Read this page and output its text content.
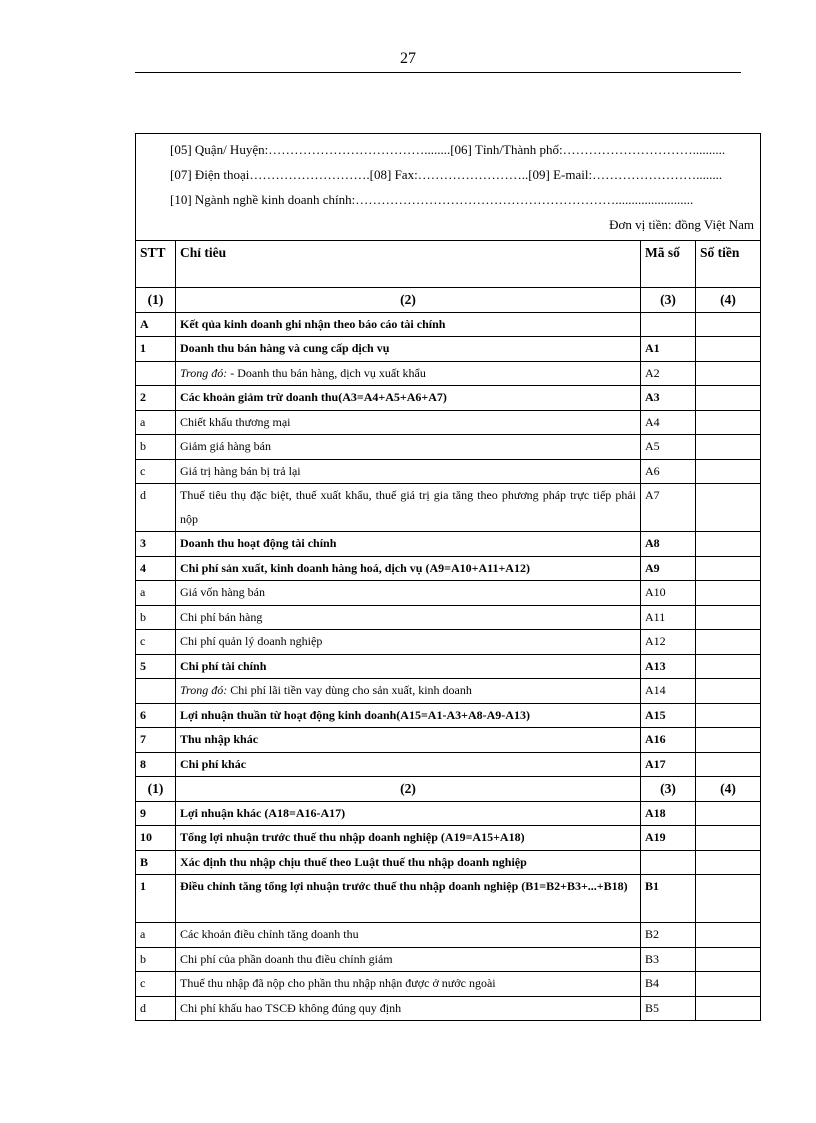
27
[05] Quận/ Huyện:………………………………........[06] Tỉnh/Thành phố:…………………………..........
[07] Điện thoại……………………….[08] Fax:……………………..[09] E-mail:……………………........
[10] Ngành nghề kinh doanh chính:……………………………………………………........................
Đơn vị tiền: đồng Việt Nam			

STT	Chỉ tiêu	Mã số	Số tiền
(1)	(2)	(3)	(4)
A	Kết qủa kinh doanh ghi nhận theo báo cáo tài chính		
1	Doanh thu bán hàng và cung cấp dịch vụ	A1	
	Trong đó: - Doanh thu bán hàng, dịch vụ xuất khẩu	A2	
2	Các khoản giảm trừ doanh thu(A3=A4+A5+A6+A7)	A3	
a	Chiết khấu thương mại	A4	
b	Giảm giá hàng bán	A5	
c	Giá trị hàng bán bị trả lại	A6	
d	Thuế tiêu thụ đặc biệt, thuế xuất khẩu, thuế giá trị gia tăng theo phương pháp trực tiếp phải nộp	A7	
3	Doanh thu hoạt động tài chính	A8	
4	Chi phí sản xuất, kinh doanh hàng hoá, dịch vụ (A9=A10+A11+A12)	A9	
a	Giá vốn hàng bán	A10	
b	Chi phí bán hàng	A11	
c	Chi phí quản lý doanh nghiệp	A12	
5	Chi phí tài chính	A13	
	Trong đó: Chi phí lãi tiền vay dùng cho sản xuất, kinh doanh	A14	
6	Lợi nhuận thuần từ hoạt động kinh doanh(A15=A1-A3+A8-A9-A13)	A15	
7	Thu nhập khác	A16	
8	Chi phí khác	A17	
(1)	(2)	(3)	(4)
9	Lợi nhuận khác (A18=A16-A17)	A18	
10	Tổng lợi nhuận trước thuế thu nhập doanh nghiệp (A19=A15+A18)	A19	
B	Xác định thu nhập chịu thuế theo Luật thuế thu nhập doanh nghiệp		
1	Điều chỉnh tăng tổng lợi nhuận trước thuế thu nhập doanh nghiệp (B1=B2+B3+...+B18)	B1	
a	Các khoản điều chỉnh tăng doanh thu	B2	
b	Chi phí của phần doanh thu điều chỉnh giảm	B3	
c	Thuế thu nhập đã nộp cho phần thu nhập nhận được ở nước ngoài	B4	
d	Chi phí khấu hao TSCĐ không đúng quy định	B5	
